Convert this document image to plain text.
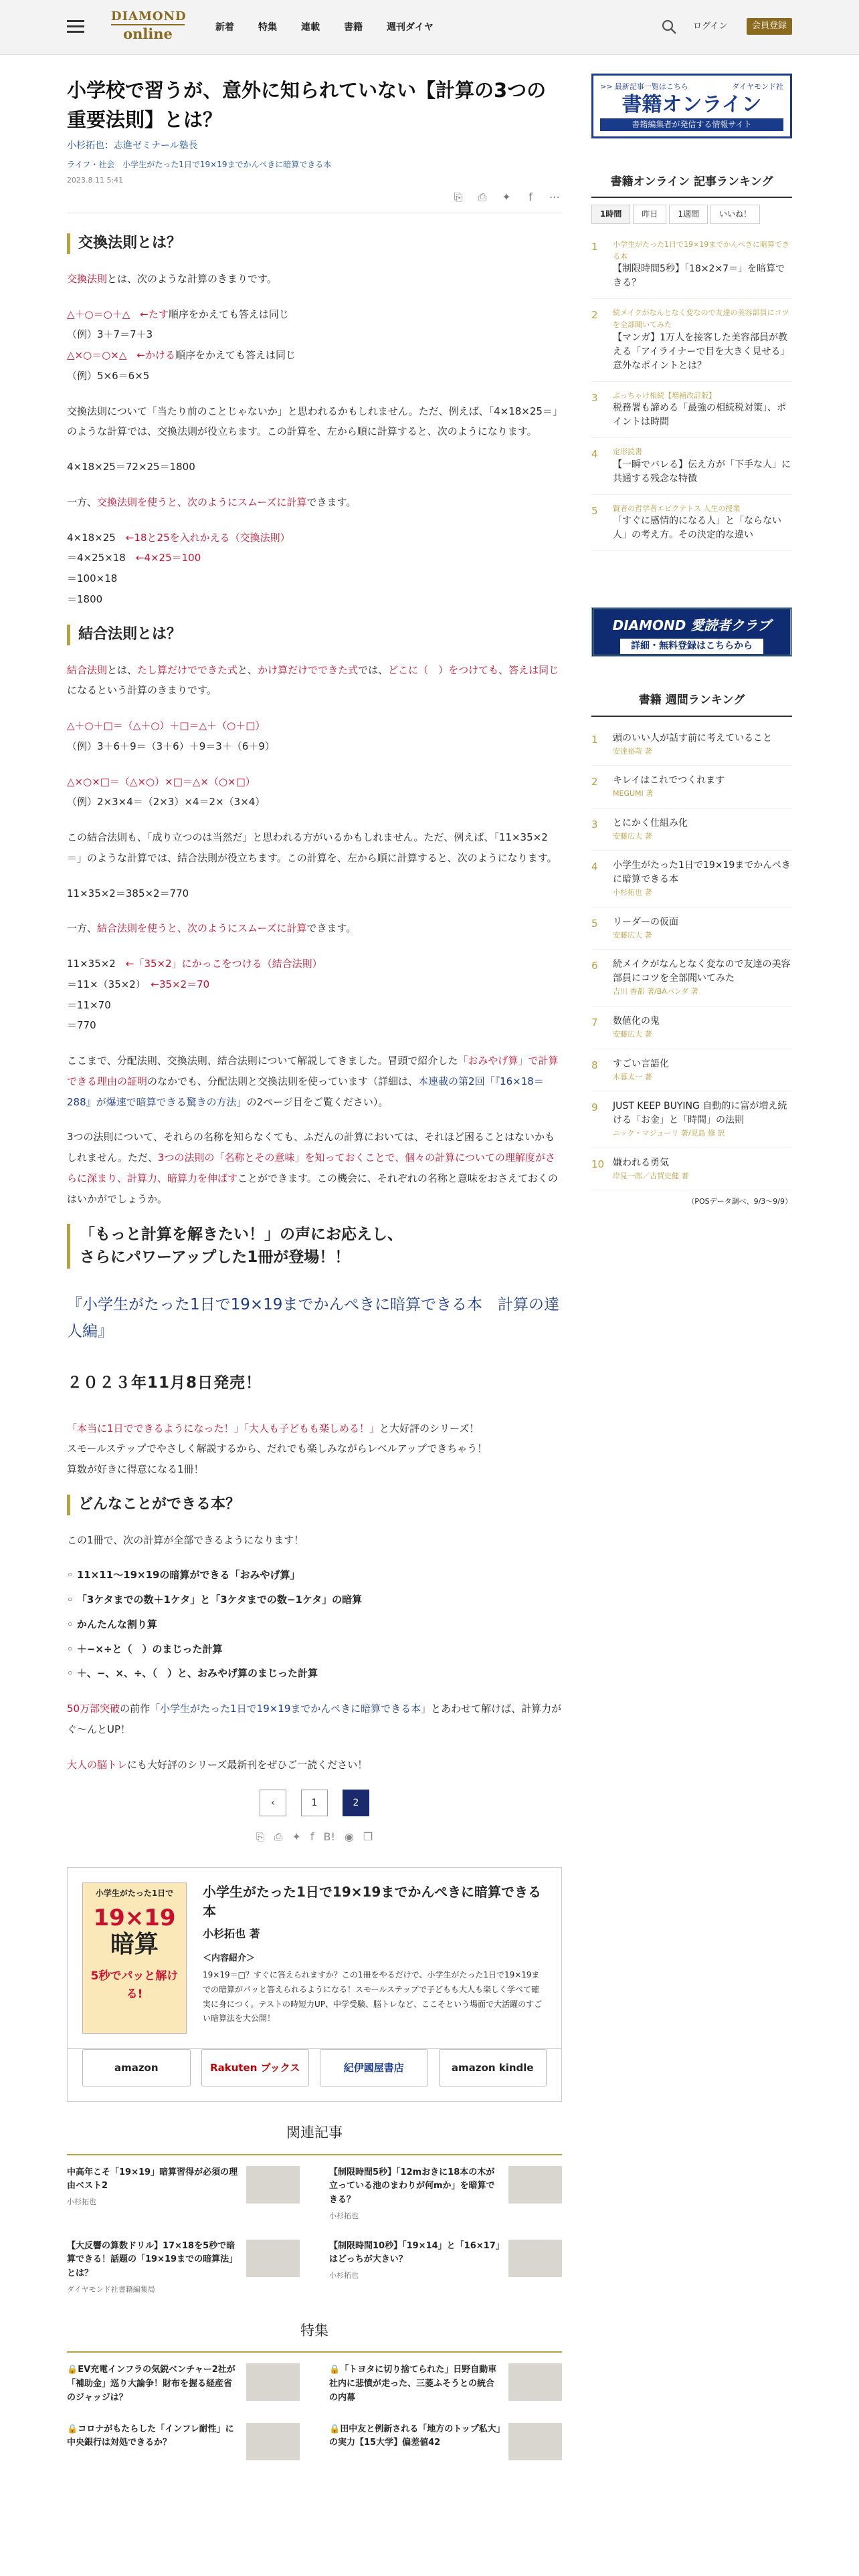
DIAMOND
online	新着	特集	連載	書籍	週刊ダイヤ	ログイン	会員登録
小学校で習うが、意外に知られていない【計算の3つの重要法則】とは？
小杉拓也：志進ゼミナール塾長
ライフ・社会　小学生がたった1日で19×19までかんぺきに暗算できる本
2023.8.11 5:41
⎘ ⎙ ✦	f	⋯
交換法則とは？

交換法則とは、次のような計算のきまりです。

△＋○＝○＋△　 ←たす順序をかえても答えは同じ
（例）3＋7＝7＋3
△×○＝○×△　 ←かける順序をかえても答えは同じ
（例）5×6＝6×5

交換法則について「当たり前のことじゃないか」と思われるかもしれません。ただ、例えば、「4×18×25＝」のような計算では、交換法則が役立ちます。この計算を、左から順に計算すると、次のようになります。

4×18×25＝72×25＝1800

一方、交換法則を使うと、次のようにスムーズに計算できます。

4×18×25　 ←18と25を入れかえる（交換法則）
＝4×25×18　 ←4×25＝100
＝100×18
＝1800

結合法則とは？

結合法則とは、たし算だけでできた式と、かけ算だけでできた式では、どこに（　）をつけても、答えは同じになるという計算のきまりです。

△＋○＋□＝（△＋○）＋□＝△＋（○＋□）
（例）3＋6＋9＝（3＋6）＋9＝3＋（6＋9）

△×○×□＝（△×○）×□＝△×（○×□）
（例）2×3×4＝（2×3）×4＝2×（3×4）

この結合法則も、「成り立つのは当然だ」と思われる方がいるかもしれません。ただ、例えば、「11×35×2＝」のような計算では、結合法則が役立ちます。この計算を、左から順に計算すると、次のようになります。

11×35×2＝385×2＝770

一方、結合法則を使うと、次のようにスムーズに計算できます。

11×35×2　 ←「35×2」にかっこをつける（結合法則）
＝11×（35×2）　 ←35×2＝70
＝11×70
＝770

ここまで、分配法則、交換法則、結合法則について解説してきました。冒頭で紹介した「おみやげ算」で計算できる理由の証明のなかでも、分配法則と交換法則を使っています（詳細は、本連載の第2回「『16×18＝288』が爆速で暗算できる驚きの方法」の2ページ目をご覧ください）。

3つの法則について、それらの名称を知らなくても、ふだんの計算においては、それほど困ることはないかもしれません。ただ、3つの法則の「名称とその意味」を知っておくことで、個々の計算についての理解度がさらに深まり、計算力、暗算力を伸ばすことができます。この機会に、それぞれの名称と意味をおさえておくのはいかがでしょうか。

「もっと計算を解きたい！」の声にお応えし、
さらにパワーアップした1冊が登場！！
『小学生がたった1日で19×19までかんぺきに暗算できる本　計算の達人編』
２０２３年11月8日発売！

「本当に1日でできるようになった！」「大人も子どもも楽しめる！」と大好評のシリーズ！
スモールステップでやさしく解説するから、だれでも楽しみながらレベルアップできちゃう！
算数が好きに得意になる1冊！

どんなことができる本？

この1冊で、次の計算が全部できるようになります！

◦ 11×11〜19×19の暗算ができる「おみやげ算」
◦ 「3ケタまでの数＋1ケタ」と「3ケタまでの数−1ケタ」の暗算
◦ かんたんな割り算
◦ ＋−×÷と（　）のまじった計算
◦ ＋、−、×、÷、（　）と、おみやげ算のまじった計算

50万部突破の前作「小学生がたった1日で19×19までかんぺきに暗算できる本」とあわせて解けば、計算力がぐ〜んとUP！

大人の脳トレにも大好評のシリーズ最新刊をぜひご一読ください！

‹	1	2
⎘ ⎙ ✦ f B! ◉ ❐
小学生がたった1日で
19×19
暗算
5秒でパッと解ける!
小学生がたった1日で19×19までかんぺきに暗算できる本
小杉拓也 著
＜内容紹介＞
19×19＝□？すぐに答えられますか？この1冊をやるだけで、小学生がたった1日で19×19までの暗算がパッと答えられるようになる！スモールステップで子どもも大人も楽しく学べて確実に身につく。テストの時短力UP、中学受験、脳トレなど、ここそという場面で大活躍のすごい暗算法を大公開！
amazon	Rakuten ブックス	紀伊國屋書店	amazon kindle
関連記事
中高年こそ「19×19」暗算習得が必須の理由ベスト2
小杉拓也
【制限時間5秒】「12mおきに18本の木が立っている池のまわりが何mか」を暗算できる？
小杉拓也
【大反響の算数ドリル】17×18を5秒で暗算できる！話題の「19×19までの暗算法」とは？
ダイヤモンド社書籍編集局
【制限時間10秒】「19×14」と「16×17」はどっちが大きい？
小杉拓也
特集
🔒EV充電インフラの気鋭ベンチャー2社が「補助金」巡り大論争！財布を握る経産省のジャッジは？
🔒「トヨタに切り捨てられた」日野自動車社内に悲憤が走った、三菱ふそうとの統合の内幕
🔒コロナがもたらした「インフレ耐性」に中央銀行は対処できるか？
🔒田中友と例新される「地方のトップ私大」の実力【15大学】偏差値42
>> 最新記事一覧はこちら	ダイヤモンド社
書籍オンライン
書籍編集者が発信する情報サイト
書籍オンライン 記事ランキング
1時間	昨日	1週間	いいね！
1	小学生がたった1日で19×19までかんぺきに暗算できる本
【制限時間5秒】「18×2×7＝」を暗算できる？
2	続メイクがなんとなく変なので友達の美容部員にコツを全部聞いてみた
【マンガ】1万人を接客した美容部員が教える「アイライナーで目を大きく見せる」意外なポイントとは？
3	ぶっちゃけ相続【増補改訂版】
税務署も諦める「最強の相続税対策」、ポイントは時間
4	定形読書
【一瞬でバレる】伝え方が「下手な人」に共通する残念な特徴
5	賢者の哲学者エピクテトス 人生の授業
「すぐに感情的になる人」と「ならない人」の考え方。その決定的な違い
DIAMOND 愛読者クラブ
詳細・無料登録はこちらから
書籍 週間ランキング
1	頭のいい人が話す前に考えていること
安達裕哉 著
2	キレイはこれでつくれます
MEGUMI 著
3	とにかく仕組み化
安藤広大 著
4	小学生がたった1日で19×19までかんぺきに暗算できる本
小杉拓也 著
5	リーダーの仮面
安藤広大 著
6	続メイクがなんとなく変なので友達の美容部員にコツを全部聞いてみた
吉川 香都 著/BAパンダ 著
7	数値化の鬼
安藤広大 著
8	すごい言語化
木暮太一 著
9	JUST KEEP BUYING 自動的に富が増え続ける「お金」と「時間」の法則
ニック・マジューリ 著/児島 修 訳
10 嫌われる勇気
岸見一郎／古賀史健 著
（POSデータ調べ、9/3〜9/9）
